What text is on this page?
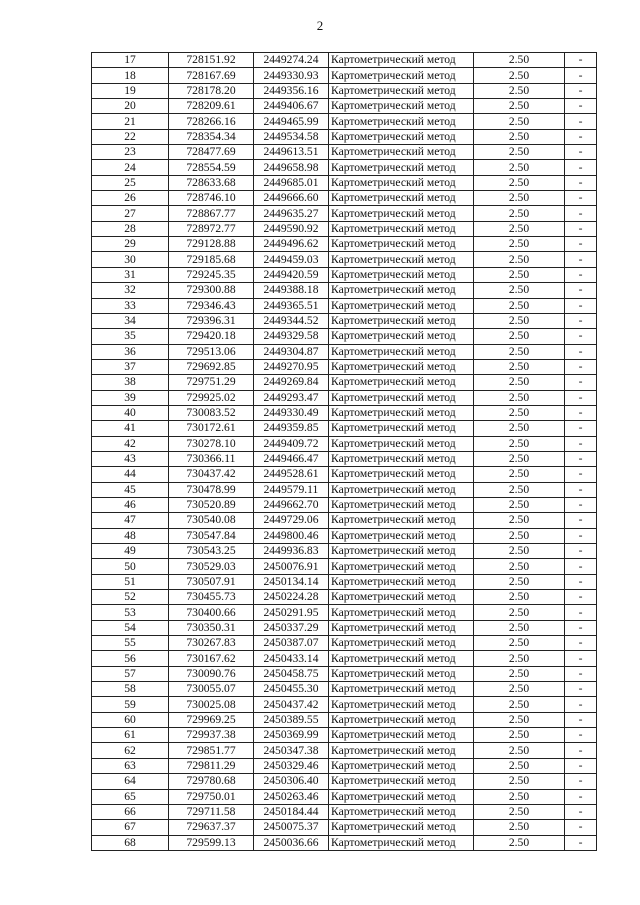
2
17	728151.92	2449274.24	Картометрический метод	2.50	-
18	728167.69	2449330.93	Картометрический метод	2.50	-
19	728178.20	2449356.16	Картометрический метод	2.50	-
20	728209.61	2449406.67	Картометрический метод	2.50	-
21	728266.16	2449465.99	Картометрический метод	2.50	-
22	728354.34	2449534.58	Картометрический метод	2.50	-
23	728477.69	2449613.51	Картометрический метод	2.50	-
24	728554.59	2449658.98	Картометрический метод	2.50	-
25	728633.68	2449685.01	Картометрический метод	2.50	-
26	728746.10	2449666.60	Картометрический метод	2.50	-
27	728867.77	2449635.27	Картометрический метод	2.50	-
28	728972.77	2449590.92	Картометрический метод	2.50	-
29	729128.88	2449496.62	Картометрический метод	2.50	-
30	729185.68	2449459.03	Картометрический метод	2.50	-
31	729245.35	2449420.59	Картометрический метод	2.50	-
32	729300.88	2449388.18	Картометрический метод	2.50	-
33	729346.43	2449365.51	Картометрический метод	2.50	-
34	729396.31	2449344.52	Картометрический метод	2.50	-
35	729420.18	2449329.58	Картометрический метод	2.50	-
36	729513.06	2449304.87	Картометрический метод	2.50	-
37	729692.85	2449270.95	Картометрический метод	2.50	-
38	729751.29	2449269.84	Картометрический метод	2.50	-
39	729925.02	2449293.47	Картометрический метод	2.50	-
40	730083.52	2449330.49	Картометрический метод	2.50	-
41	730172.61	2449359.85	Картометрический метод	2.50	-
42	730278.10	2449409.72	Картометрический метод	2.50	-
43	730366.11	2449466.47	Картометрический метод	2.50	-
44	730437.42	2449528.61	Картометрический метод	2.50	-
45	730478.99	2449579.11	Картометрический метод	2.50	-
46	730520.89	2449662.70	Картометрический метод	2.50	-
47	730540.08	2449729.06	Картометрический метод	2.50	-
48	730547.84	2449800.46	Картометрический метод	2.50	-
49	730543.25	2449936.83	Картометрический метод	2.50	-
50	730529.03	2450076.91	Картометрический метод	2.50	-
51	730507.91	2450134.14	Картометрический метод	2.50	-
52	730455.73	2450224.28	Картометрический метод	2.50	-
53	730400.66	2450291.95	Картометрический метод	2.50	-
54	730350.31	2450337.29	Картометрический метод	2.50	-
55	730267.83	2450387.07	Картометрический метод	2.50	-
56	730167.62	2450433.14	Картометрический метод	2.50	-
57	730090.76	2450458.75	Картометрический метод	2.50	-
58	730055.07	2450455.30	Картометрический метод	2.50	-
59	730025.08	2450437.42	Картометрический метод	2.50	-
60	729969.25	2450389.55	Картометрический метод	2.50	-
61	729937.38	2450369.99	Картометрический метод	2.50	-
62	729851.77	2450347.38	Картометрический метод	2.50	-
63	729811.29	2450329.46	Картометрический метод	2.50	-
64	729780.68	2450306.40	Картометрический метод	2.50	-
65	729750.01	2450263.46	Картометрический метод	2.50	-
66	729711.58	2450184.44	Картометрический метод	2.50	-
67	729637.37	2450075.37	Картометрический метод	2.50	-
68	729599.13	2450036.66	Картометрический метод	2.50	-
